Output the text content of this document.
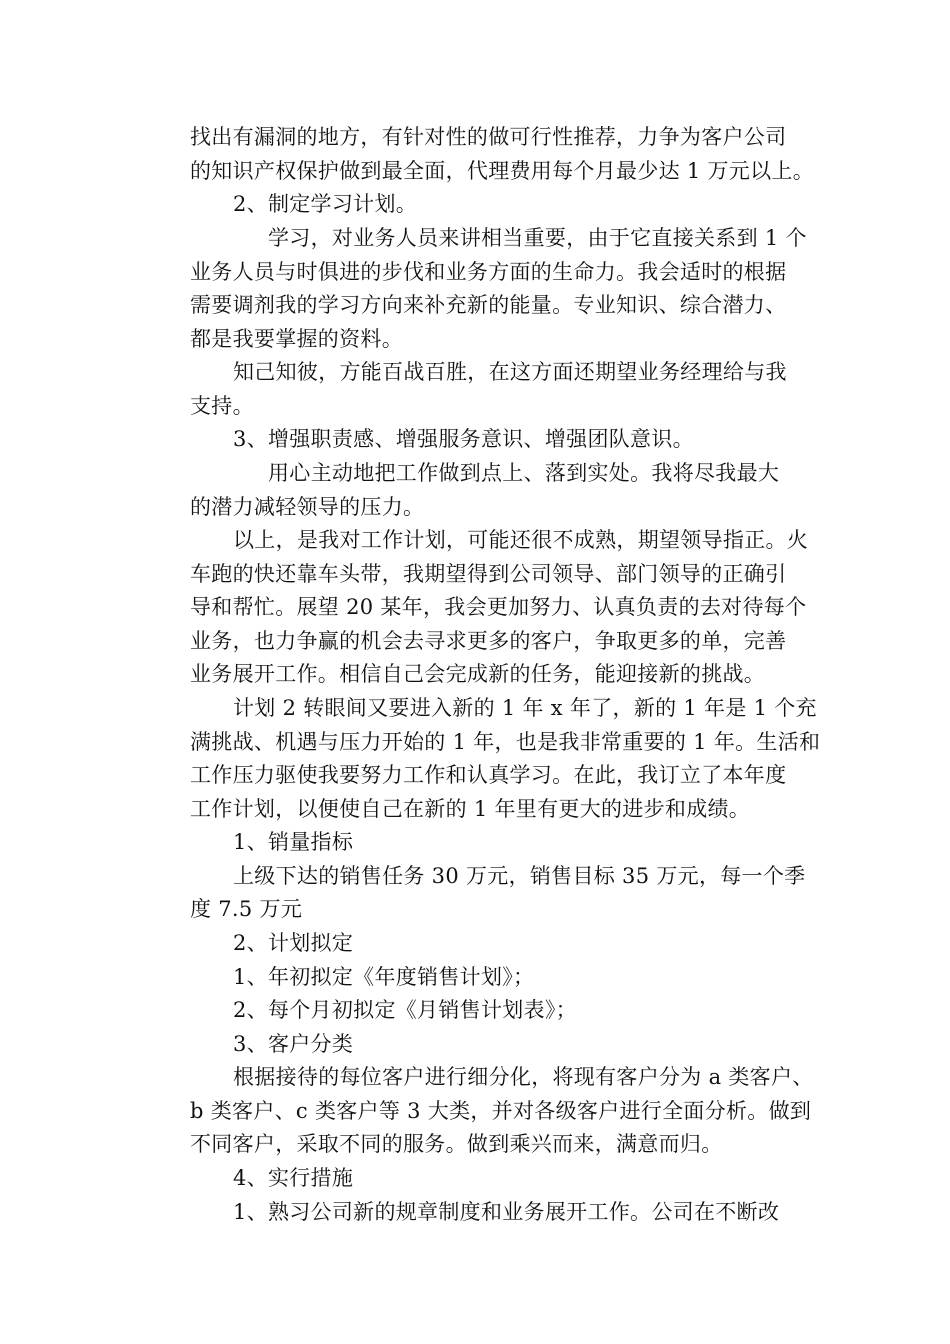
找出有漏洞的地方，有针对性的做可行性推荐，力争为客户公司
的知识产权保护做到最全面，代理费用每个月最少达 1 万元以上。
2、制定学习计划。
学习，对业务人员来讲相当重要，由于它直接关系到 1 个
业务人员与时俱进的步伐和业务方面的生命力。我会适时的根据
需要调剂我的学习方向来补充新的能量。专业知识、综合潜力、
都是我要掌握的资料。
知己知彼，方能百战百胜，在这方面还期望业务经理给与我
支持。
3、增强职责感、增强服务意识、增强团队意识。
用心主动地把工作做到点上、落到实处。我将尽我最大
的潜力减轻领导的压力。
以上，是我对工作计划，可能还很不成熟，期望领导指正。火
车跑的快还靠车头带，我期望得到公司领导、部门领导的正确引
导和帮忙。展望 20 某年，我会更加努力、认真负责的去对待每个
业务，也力争赢的机会去寻求更多的客户，争取更多的单，完善
业务展开工作。相信自己会完成新的任务，能迎接新的挑战。
计划 2 转眼间又要进入新的 1 年 x 年了，新的 1 年是 1 个充
满挑战、机遇与压力开始的 1 年，也是我非常重要的 1 年。生活和
工作压力驱使我要努力工作和认真学习。在此，我订立了本年度
工作计划，以便使自己在新的 1 年里有更大的进步和成绩。
1、销量指标
上级下达的销售任务 30 万元，销售目标 35 万元，每一个季
度 7.5 万元
2、计划拟定
1、年初拟定《年度销售计划》；
2、每个月初拟定《月销售计划表》；
3、客户分类
根据接待的每位客户进行细分化，将现有客户分为 a 类客户、
b 类客户、c 类客户等 3 大类，并对各级客户进行全面分析。做到
不同客户，采取不同的服务。做到乘兴而来，满意而归。
4、实行措施
1、熟习公司新的规章制度和业务展开工作。公司在不断改
